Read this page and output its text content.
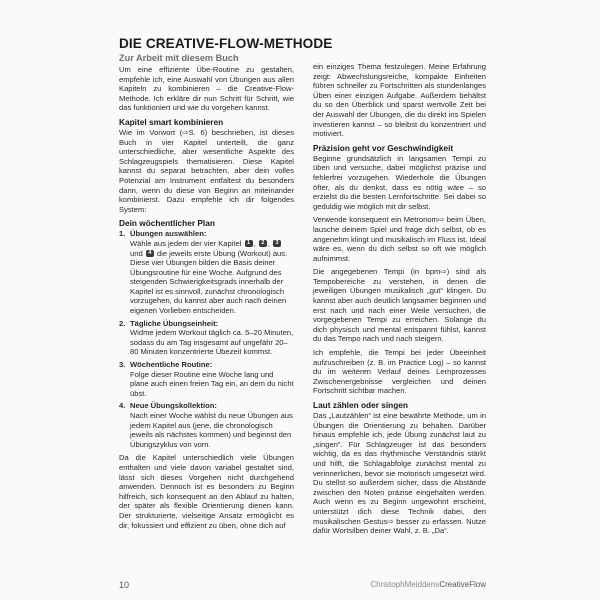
DIE CREATIVE-FLOW-METHODE
Zur Arbeit mit diesem Buch

Um eine effiziente Übe-Routine zu gestalten, empfehle ich, eine Auswahl von Übungen aus allen Kapiteln zu kombinieren – die Creative-Flow-Methode. Ich erkläre dir nun Schritt für Schritt, wie das funktioniert und wie du vorgehen kannst.

Kapitel smart kombinieren

Wie im Vorwort (⇨S. 6) beschrieben, ist dieses Buch in vier Kapitel unterteilt, die ganz unterschiedliche, aber wesentliche Aspekte des Schlagzeugspiels thematisieren. Diese Kapitel kannst du separat betrachten, aber dein volles Potenzial am Instrument entfaltest du besonders dann, wenn du diese von Beginn an miteinander kombinierst. Dazu empfehle ich dir folgendes System:

Dein wöchentlicher Plan
1. Übungen auswählen:
Wähle aus jedem der vier Kapitel 1 , 2 , 3 und 4 die jeweils erste Übung (Workout) aus. Diese vier Übungen bilden die Basis deiner Übungsroutine für eine Woche. Aufgrund des steigenden Schwierigkeitsgrads innerhalb der Kapitel ist es sinnvoll, zunächst chronologisch vorzugehen, du kannst aber auch nach deinen eigenen Vorlieben entscheiden.
2. Tägliche Übungseinheit:
Widme jedem Workout täglich ca. 5–20 Minuten, sodass du am Tag insgesamt auf ungefähr 20–80 Minuten konzentrierte Übezeit kommst.
3. Wöchentliche Routine:
Folge dieser Routine eine Woche lang und plane auch einen freien Tag ein, an dem du nicht übst.
4. Neue Übungskollektion:
Nach einer Woche wählst du neue Übungen aus jedem Kapitel aus (jene, die chronologisch jeweils als nächstes kommen) und beginnst den Übungszyklus von vorn.

Da die Kapitel unterschiedlich viele Übungen enthalten und viele davon variabel gestaltet sind, lässt sich dieses Vorgehen nicht durchgehend anwenden. Dennoch ist es besonders zu Beginn hilfreich, sich konsequent an den Ablauf zu halten, der später als flexible Orientierung dienen kann. Der strukturierte, vielseitige Ansatz ermöglicht es dir, fokussiert und effizient zu üben, ohne dich auf

ein einziges Thema festzulegen. Meine Erfahrung zeigt: Abwechslungsreiche, kompakte Einheiten führen schneller zu Fortschritten als stundenlanges Üben einer einzigen Aufgabe. Außerdem behältst du so den Überblick und sparst wertvolle Zeit bei der Auswahl der Übungen, die du direkt ins Spielen investieren kannst – so bleibst du konzentriert und motiviert.

Präzision geht vor Geschwindigkeit

Beginne grundsätzlich in langsamen Tempi zu üben und versuche, dabei möglichst präzise und fehlerfrei vorzugehen. Wiederhole die Übungen öfter, als du denkst, dass es nötig wäre – so erzielst du die besten Lernfortschritte. Sei dabei so geduldig wie möglich mit dir selbst.

Verwende konsequent ein Metronom⇨ beim Üben, lausche deinem Spiel und frage dich selbst, ob es angenehm klingt und musikalisch im Fluss ist. Ideal wäre es, wenn du dich selbst so oft wie möglich aufnimmst.

Die angegebenen Tempi (in bpm⇨) sind als Tempobereiche zu verstehen, in denen die jeweiligen Übungen musikalisch „gut“ klingen. Du kannst aber auch deutlich langsamer beginnen und erst nach und nach einer Weile versuchen, die vorgegebenen Tempi zu erreichen. Solange du dich physisch und mental entspannt fühlst, kannst du das Tempo nach und nach steigern.

Ich empfehle, die Tempi bei jeder Übeeinheit aufzuschreiben (z. B. im Practice Log) – so kannst du im weiteren Verlauf deines Lernprozesses Zwischenergebnisse vergleichen und deinen Fortschritt sichtbar machen.

Laut zählen oder singen

Das „Lautzählen“ ist eine bewährte Methode, um in Übungen die Orientierung zu behalten. Darüber hinaus empfehle ich, jede Übung zunächst laut zu „singen“. Für Schlagzeuger ist das besonders wichtig, da es das rhythmische Verständnis stärkt und hilft, die Schlagabfolge zunächst mental zu verinnerlichen, bevor sie motorisch umgesetzt wird. Du stellst so außerdem sicher, dass die Abstände zwischen den Noten präzise eingehalten werden. Auch wenn es zu Beginn ungewohnt erscheint, unterstützt dich diese Technik dabei, den musikalischen Gestus⇨ besser zu erfassen. Nutze dafür Wortsilben deiner Wahl, z. B. „Da“.

10	ChristophMeiddensCreativeFlow
